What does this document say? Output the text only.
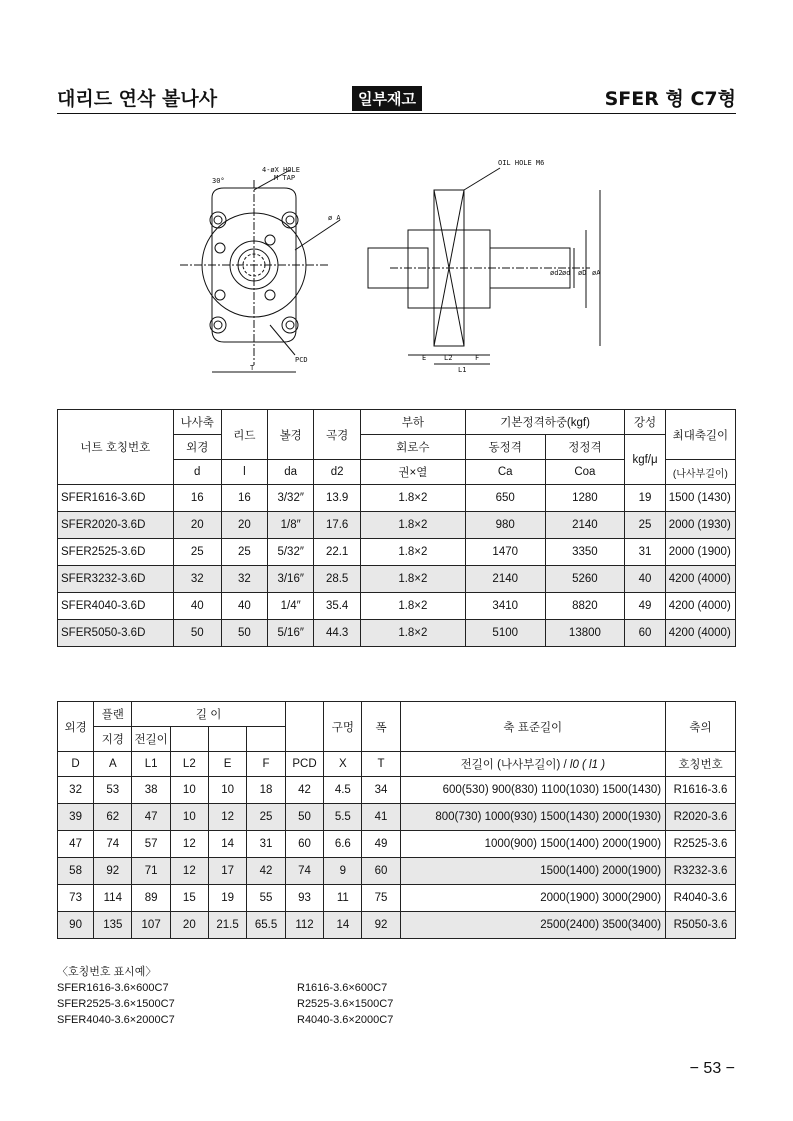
대리드 연삭 볼나사	일부재고	SFER 형 C7형
30°
4-øX HOLE
M TAP
ø A
PCD
T
OIL HOLE M6
ød2 ød øD øA
E	L2	F
L1
너트 호칭번호	나사축	리드	볼경	곡경	부하	기본정격하중(kgf)		강성	최대축길이
	외경				회로수	동정격	정정격	kgf/μ	
	d	l	da	d2	권×열	Ca	Coa		(나사부길이)
SFER1616-3.6D	16	16	3/32″	13.9	1.8×2	650	1280	19	1500 (1430)
SFER2020-3.6D	20	20	1/8″	17.6	1.8×2	980	2140	25	2000 (1930)
SFER2525-3.6D	25	25	5/32″	22.1	1.8×2	1470	3350	31	2000 (1900)
SFER3232-3.6D	32	32	3/16″	28.5	1.8×2	2140	5260	40	4200 (4000)
SFER4040-3.6D	40	40	1/4″	35.4	1.8×2	3410	8820	49	4200 (4000)
SFER5050-3.6D	50	50	5/16″	44.3	1.8×2	5100	13800	60	4200 (4000)
외경	플랜	길 이					구멍	폭	축 표준길이	축의
	지경	전길이								
D	A	L1	L2	E	F	PCD	X	T	전길이 (나사부길이) / l0 ( l1 )	호칭번호
32	53	38	10	10	18	42	4.5	34	600(530) 900(830) 1100(1030) 1500(1430)	R1616-3.6
39	62	47	10	12	25	50	5.5	41	800(730) 1000(930) 1500(1430) 2000(1930)	R2020-3.6
47	74	57	12	14	31	60	6.6	49	1000(900) 1500(1400) 2000(1900)	R2525-3.6
58	92	71	12	17	42	74	9	60	1500(1400) 2000(1900)	R3232-3.6
73	114	89	15	19	55	93	11	75	2000(1900) 3000(2900)	R4040-3.6
90	135	107	20	21.5	65.5	112	14	92	2500(2400) 3500(3400)	R5050-3.6
〈호칭번호 표시예〉
SFER1616-3.6×600C7
SFER2525-3.6×1500C7
SFER4040-3.6×2000C7
R1616-3.6×600C7
R2525-3.6×1500C7
R4040-3.6×2000C7
− 53 −
